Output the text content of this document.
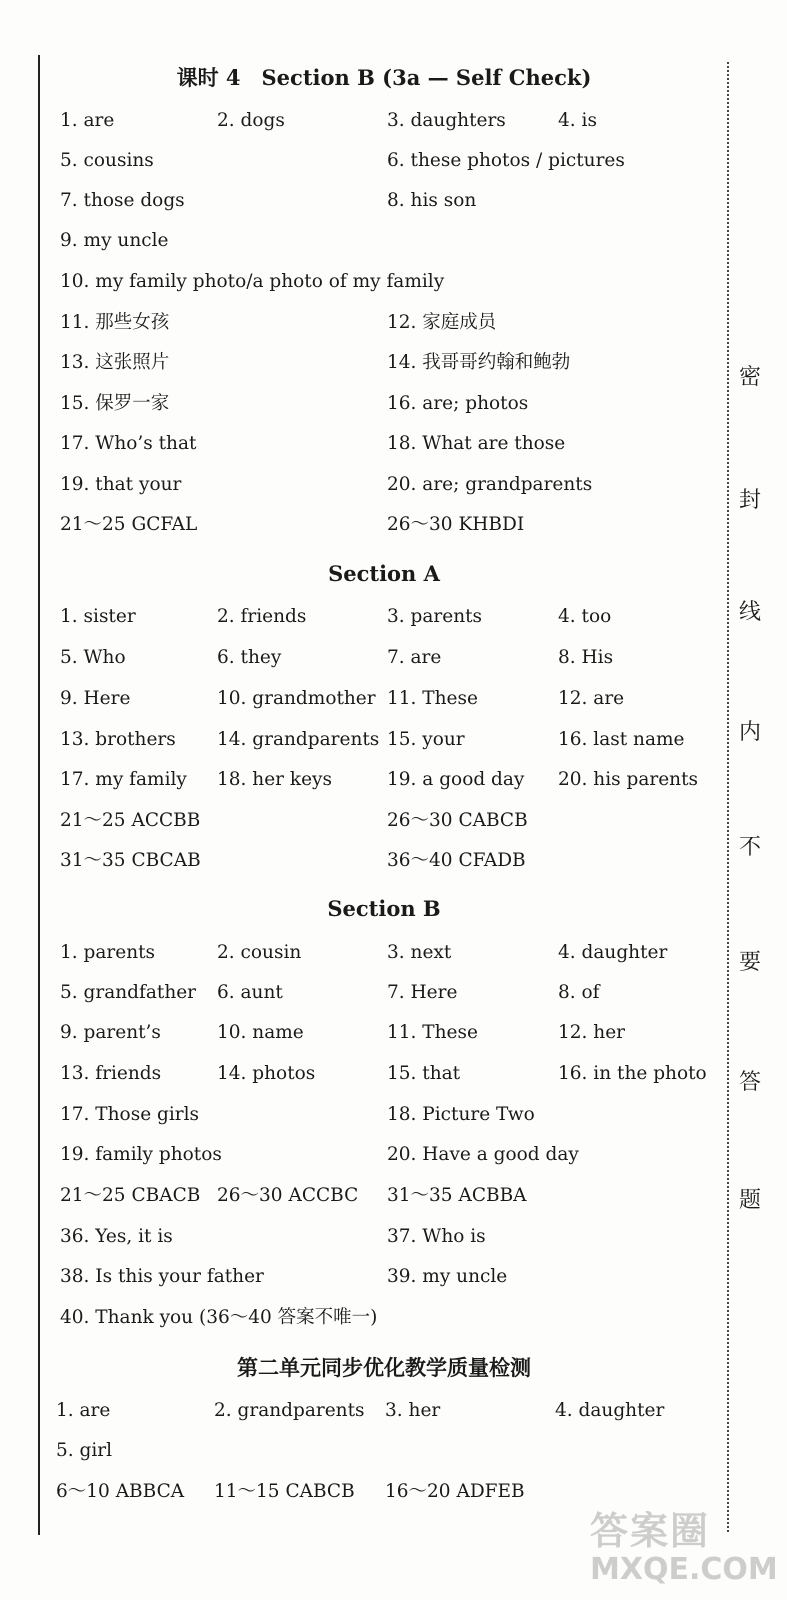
密
封
线
内
不
要
答
题
课时 4　Section B (3a — Self Check)
1. are	2. dogs	3. daughters	4. is
5. cousins	6. these photos / pictures
7. those dogs	8. his son
9. my uncle
10. my family photo/a photo of my family
11. 那些女孩	12. 家庭成员
13. 这张照片	14. 我哥哥约翰和鲍勃
15. 保罗一家	16. are; photos
17. Who’s that	18. What are those
19. that your	20. are; grandparents
21～25 GCFAL	26～30 KHBDI
Section A
1. sister	2. friends	3. parents	4. too
5. Who	6. they	7. are	8. His
9. Here	10. grandmother 11. These	12. are
13. brothers 14. grandparents 15. your	16. last name
17. my family 18. her keys	19. a good day 20. his parents
21～25 ACCBB	26～30 CABCB
31～35 CBCAB	36～40 CFADB
Section B
1. parents	2. cousin	3. next	4. daughter
5. grandfather 6. aunt	7. Here	8. of
9. parent’s	10. name	11. These	12. her
13. friends	14. photos	15. that	16. in the photo
17. Those girls	18. Picture Two
19. family photos	20. Have a good day
21～25 CBACB 26～30 ACCBC 31～35 ACBBA
36. Yes, it is	37. Who is
38. Is this your father	39. my uncle
40. Thank you (36～40 答案不唯一)
第二单元同步优化教学质量检测
1. are	2. grandparents 3. her	4. daughter
5. girl
6～10 ABBCA 11～15 CABCB 16～20 ADFEB
答案圈
MXQE.COM
